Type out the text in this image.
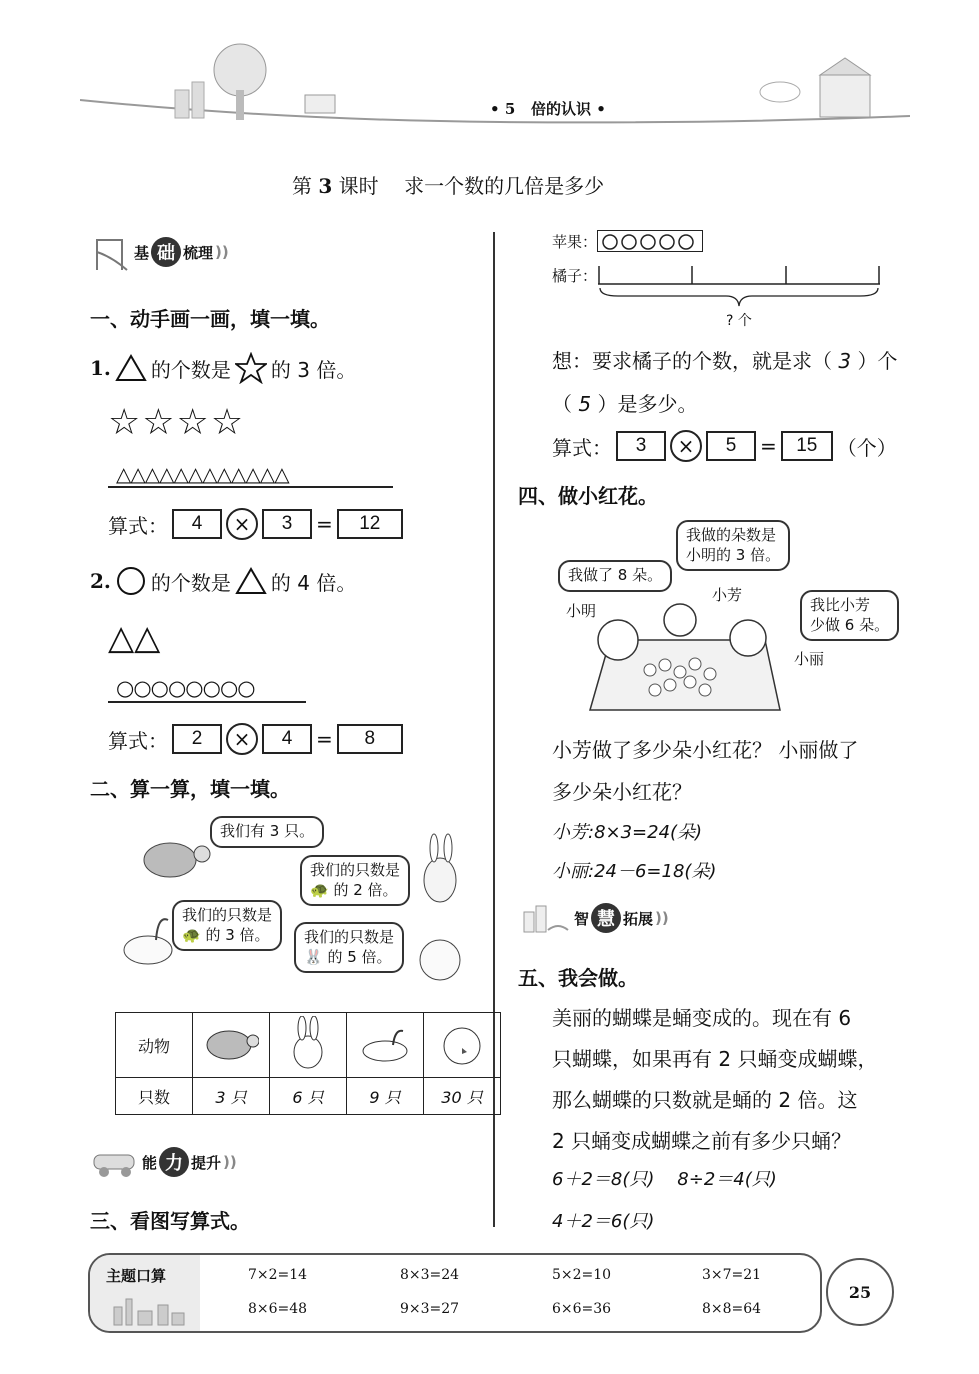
• 5 倍的认识 •
第 3 课时 求一个数的几倍是多少
基 础 梳理 ))
一、动手画一画，填一填。
1. 的个数是 的 3 倍。
☆☆☆☆
△△△△△△△△△△△△
算式：	4	×	3	=	12
2. 的个数是 的 4 倍。
△△
○○○○○○○○
算式：	2	×	4	=	8
二、算一算，填一填。
我们有 3 只。
我们的只数是
🐢 的 2 倍。
我们的只数是
🐢 的 3 倍。 我们的只数是
🐰 的 5 倍。
动物				
只数	3 只	6 只	9 只	30 只
能 力 提升 ))
三、看图写算式。
苹果：
橘子：
? 个
想：要求橘子的个数，就是求（ 3 ）个
（ 5 ）是多少。
算式：	3	×	5	=	15 （个）
四、做小红花。
我做了 8 朵。
我做的朵数是
小明的 3 倍。
我比小芳
少做 6 朵。
小明
小芳
小丽
小芳做了多少朵小红花？ 小丽做了
多少朵小红花？
小芳:8×3=24(朵)
小丽:24－6=18(朵)
智 慧 拓展 ))
五、我会做。
美丽的蝴蝶是蛹变成的。现在有 6
只蝴蝶，如果再有 2 只蛹变成蝴蝶，
那么蝴蝶的只数就是蛹的 2 倍。这
2 只蛹变成蝴蝶之前有多少只蛹？
6＋2＝8(只) 8÷2＝4(只)
4＋2＝6(只)
主题口算	7×2=14	8×3=24	5×2=10	3×7=21
8×6=48	9×3=27	6×6=36	8×8=64
25
